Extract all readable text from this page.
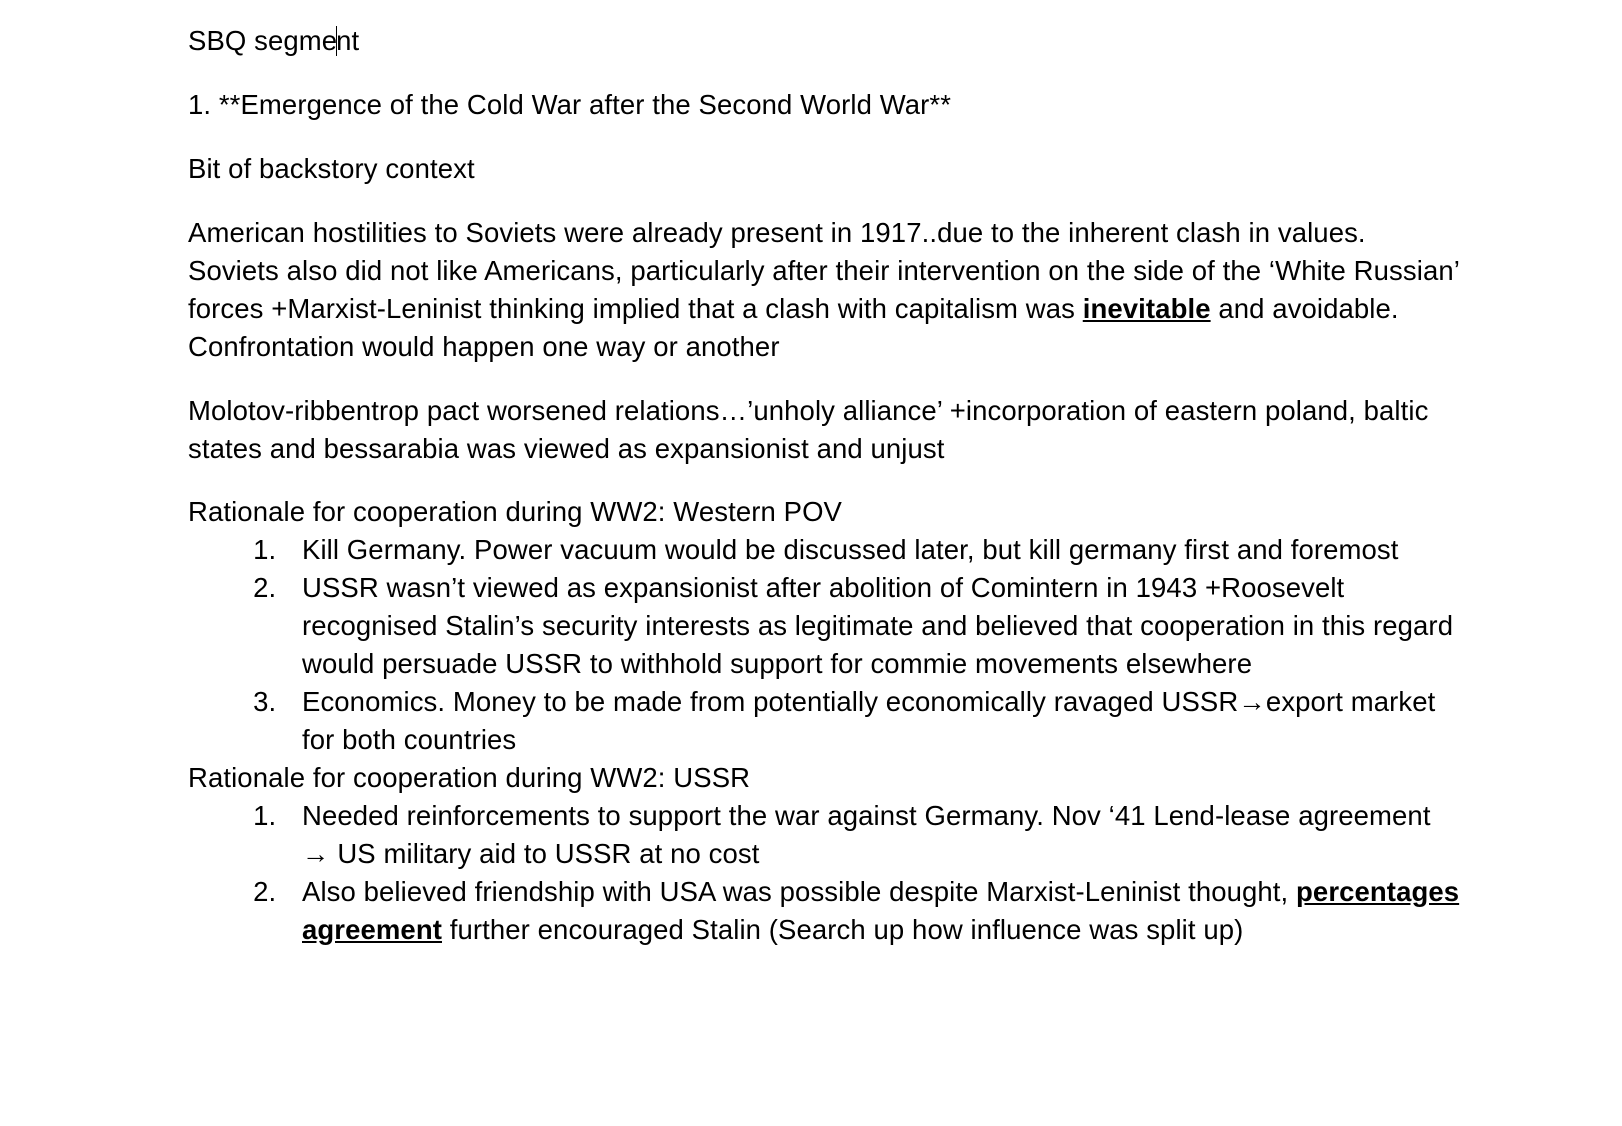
SBQ segment

1. **Emergence of the Cold War after the Second World War**

Bit of backstory context

American hostilities to Soviets were already present in 1917..due to the inherent clash in values. Soviets also did not like Americans, particularly after their intervention on the side of the ‘White Russian’ forces +Marxist-Leninist thinking implied that a clash with capitalism was inevitable and avoidable. Confrontation would happen one way or another

Molotov-ribbentrop pact worsened relations…’unholy alliance’ +incorporation of eastern poland, baltic states and bessarabia was viewed as expansionist and unjust

Rationale for cooperation during WW2: Western POV

1. Kill Germany. Power vacuum would be discussed later, but kill germany first and foremost
2. USSR wasn’t viewed as expansionist after abolition of Comintern in 1943 +Roosevelt recognised Stalin’s security interests as legitimate and believed that cooperation in this regard would persuade USSR to withhold support for commie movements elsewhere
3. Economics. Money to be made from potentially economically ravaged USSR→export market for both countries

Rationale for cooperation during WW2: USSR

1. Needed reinforcements to support the war against Germany. Nov ‘41 Lend-lease agreement → US military aid to USSR at no cost
2. Also believed friendship with USA was possible despite Marxist-Leninist thought, percentages agreement further encouraged Stalin (Search up how influence was split up)
